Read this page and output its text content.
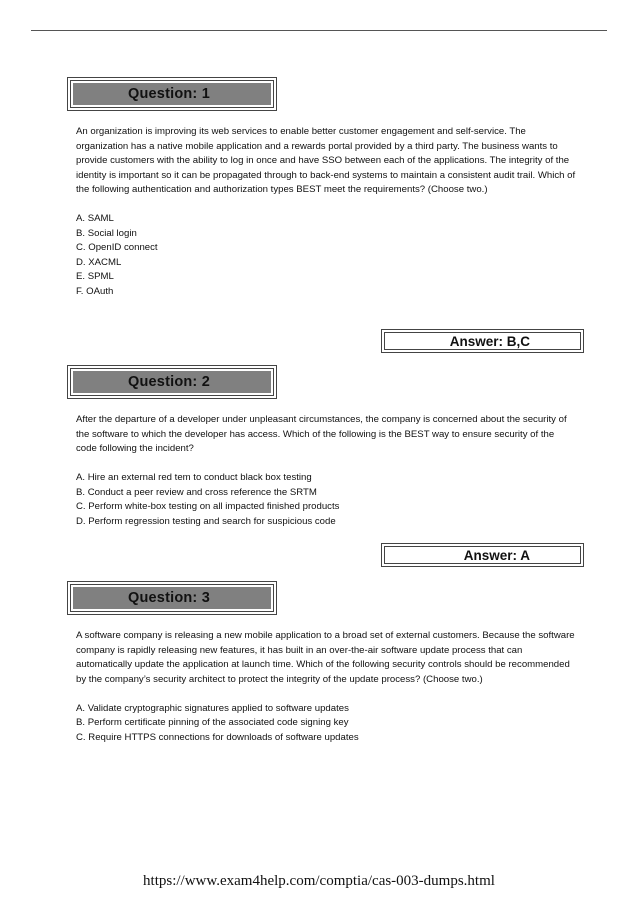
Question: 1

An organization is improving its web services to enable better customer engagement and self-service. The organization has a native mobile application and a rewards portal provided by a third party. The business wants to provide customers with the ability to log in once and have SSO between each of the applications. The integrity of the identity is important so it can be propagated through to back-end systems to maintain a consistent audit trail. Which of the following authentication and authorization types BEST meet the requirements? (Choose two.)

A. SAML
B. Social login
C. OpenID connect
D. XACML
E. SPML
F. OAuth
Answer: B,C
Question: 2

After the departure of a developer under unpleasant circumstances, the company is concerned about the security of the software to which the developer has access. Which of the following is the BEST way to ensure security of the code following the incident?

A. Hire an external red tem to conduct black box testing
B. Conduct a peer review and cross reference the SRTM
C. Perform white-box testing on all impacted finished products
D. Perform regression testing and search for suspicious code
Answer: A
Question: 3

A software company is releasing a new mobile application to a broad set of external customers. Because the software company is rapidly releasing new features, it has built in an over-the-air software update process that can automatically update the application at launch time. Which of the following security controls should be recommended by the company’s security architect to protect the integrity of the update process? (Choose two.)

A. Validate cryptographic signatures applied to software updates
B. Perform certificate pinning of the associated code signing key
C. Require HTTPS connections for downloads of software updates
https://www.exam4help.com/comptia/cas-003-dumps.html
